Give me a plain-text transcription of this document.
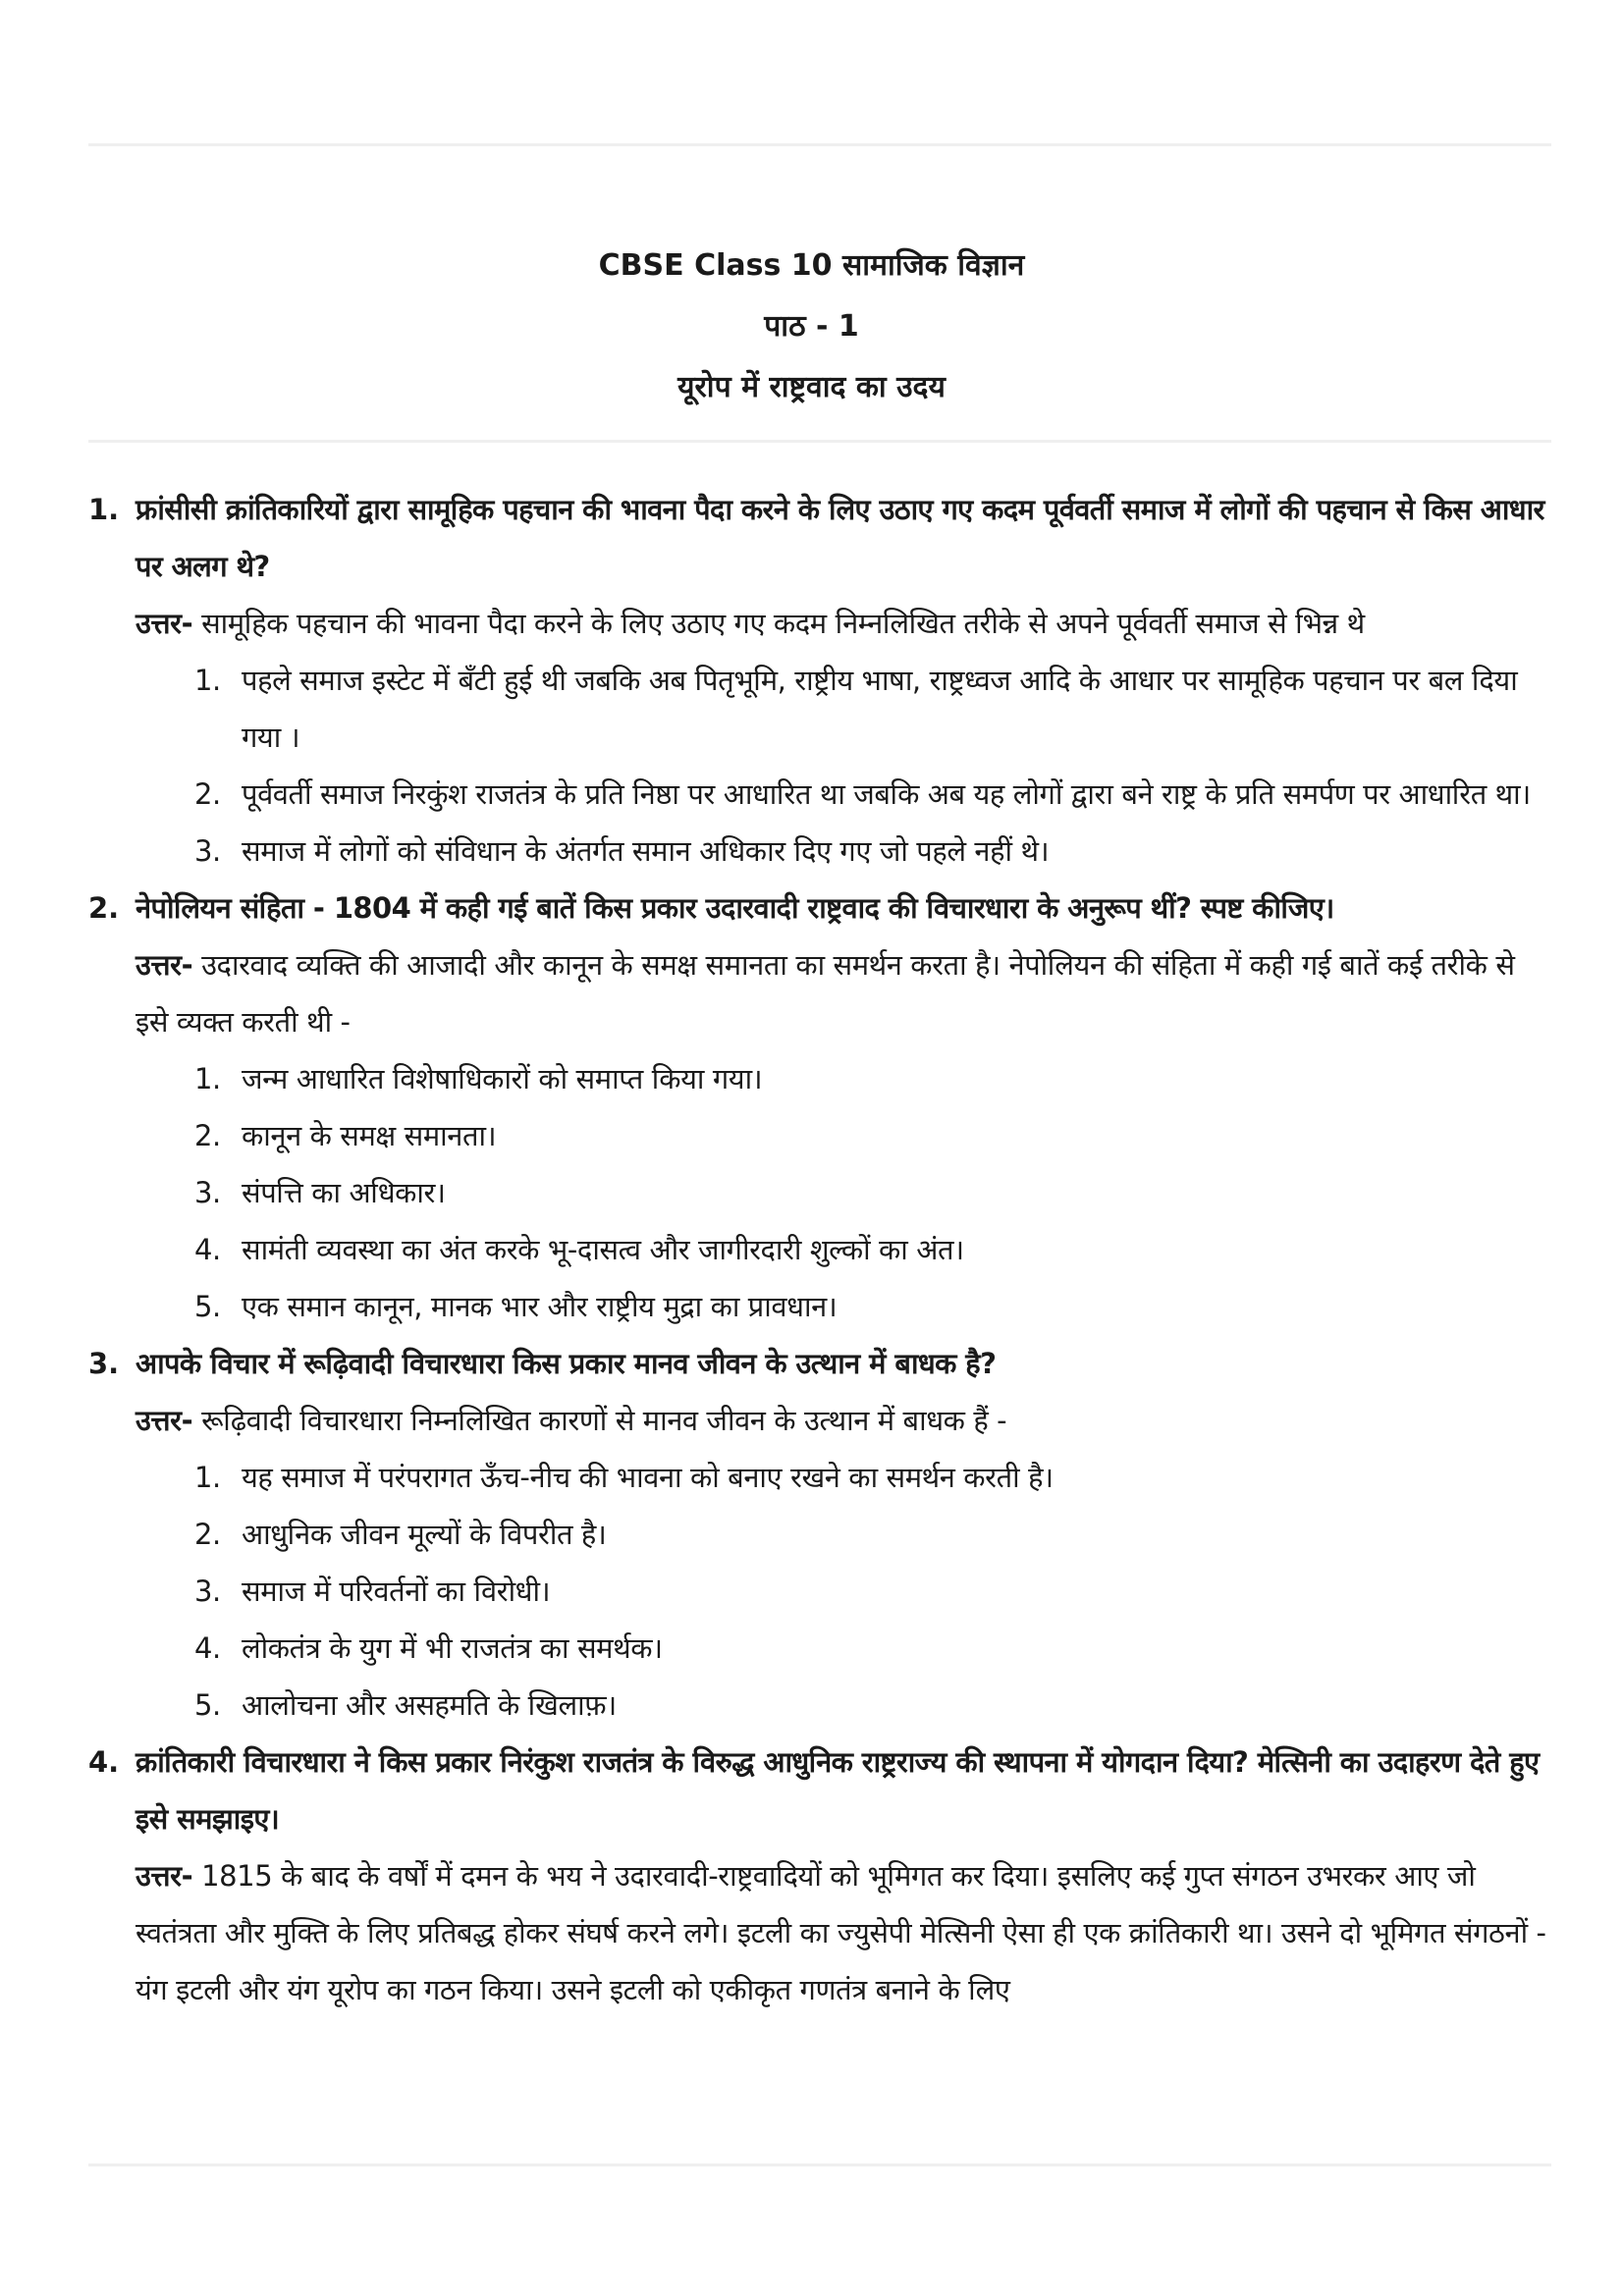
CBSE Class 10 सामाजिक विज्ञान
पाठ - 1
यूरोप में राष्ट्रवाद का उदय
1. फ्रांसीसी क्रांतिकारियों द्वारा सामूहिक पहचान की भावना पैदा करने के लिए उठाए गए कदम पूर्ववर्ती समाज में लोगों की पहचान से किस आधार पर अलग थे?
उत्तर- सामूहिक पहचान की भावना पैदा करने के लिए उठाए गए कदम निम्नलिखित तरीके से अपने पूर्ववर्ती समाज से भिन्न थे
1. पहले समाज इस्टेट में बँटी हुई थी जबकि अब पितृभूमि, राष्ट्रीय भाषा, राष्ट्रध्वज आदि के आधार पर सामूहिक पहचान पर बल दिया गया ।
2. पूर्ववर्ती समाज निरकुंश राजतंत्र के प्रति निष्ठा पर आधारित था जबकि अब यह लोगों द्वारा बने राष्ट्र के प्रति समर्पण पर आधारित था।
3. समाज में लोगों को संविधान के अंतर्गत समान अधिकार दिए गए जो पहले नहीं थे।
2. नेपोलियन संहिता - 1804 में कही गई बातें किस प्रकार उदारवादी राष्ट्रवाद की विचारधारा के अनुरूप थीं? स्पष्ट कीजिए।
उत्तर- उदारवाद व्यक्ति की आजादी और कानून के समक्ष समानता का समर्थन करता है। नेपोलियन की संहिता में कही गई बातें कई तरीके से इसे व्यक्त करती थी -
1. जन्म आधारित विशेषाधिकारों को समाप्त किया गया।
2. कानून के समक्ष समानता।
3. संपत्ति का अधिकार।
4. सामंती व्यवस्था का अंत करके भू-दासत्व और जागीरदारी शुल्कों का अंत।
5. एक समान कानून, मानक भार और राष्ट्रीय मुद्रा का प्रावधान।
3. आपके विचार में रूढ़िवादी विचारधारा किस प्रकार मानव जीवन के उत्थान में बाधक है?
उत्तर- रूढ़िवादी विचारधारा निम्नलिखित कारणों से मानव जीवन के उत्थान में बाधक हैं -
1. यह समाज में परंपरागत ऊँच-नीच की भावना को बनाए रखने का समर्थन करती है।
2. आधुनिक जीवन मूल्यों के विपरीत है।
3. समाज में परिवर्तनों का विरोधी।
4. लोकतंत्र के युग में भी राजतंत्र का समर्थक।
5. आलोचना और असहमति के खिलाफ़।
4. क्रांतिकारी विचारधारा ने किस प्रकार निरंकुश राजतंत्र के विरुद्ध आधुनिक राष्ट्रराज्य की स्थापना में योगदान दिया? मेत्सिनी का उदाहरण देते हुए इसे समझाइए।
उत्तर- 1815 के बाद के वर्षों में दमन के भय ने उदारवादी-राष्ट्रवादियों को भूमिगत कर दिया। इसलिए कई गुप्त संगठन उभरकर आए जो स्वतंत्रता और मुक्ति के लिए प्रतिबद्ध होकर संघर्ष करने लगे। इटली का ज्युसेपी मेत्सिनी ऐसा ही एक क्रांतिकारी था। उसने दो भूमिगत संगठनों - यंग इटली और यंग यूरोप का गठन किया। उसने इटली को एकीकृत गणतंत्र बनाने के लिए
